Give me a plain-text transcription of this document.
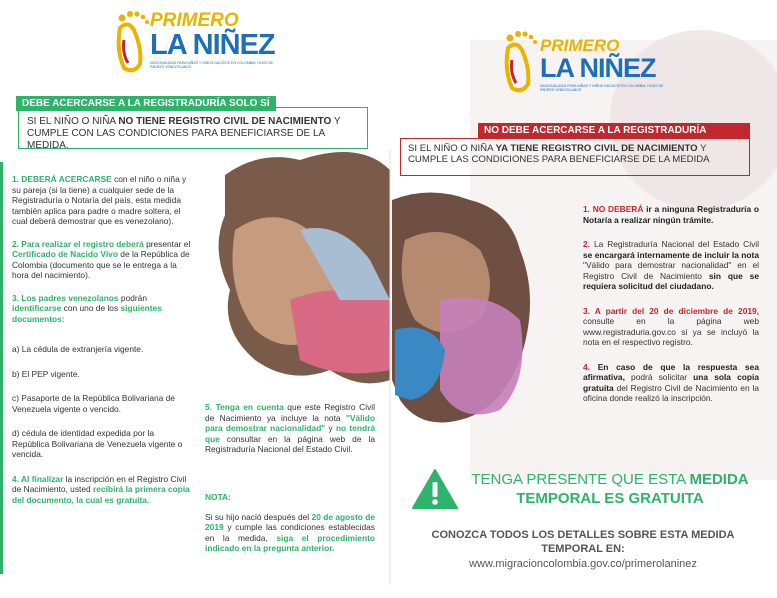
PRIMERO
LA NIÑEZ
NACIONALIDAD PARA NIÑAS Y NIÑOS NACIDOS EN COLOMBIA, HIJOS DE PADRES VENEZOLANOS
PRIMERO
LA NIÑEZ
NACIONALIDAD PARA NIÑAS Y NIÑOS NACIDOS EN COLOMBIA, HIJOS DE PADRES VENEZOLANOS
DEBE ACERCARSE A LA REGISTRADURÍA SOLO SÍ
SI EL NIÑO O NIÑA NO TIENE REGISTRO CIVIL DE NACIMIENTO Y CUMPLE CON LAS CONDICIONES PARA BENEFICIARSE DE LA MEDIDA.

1. DEBERÁ ACERCARSE con el niño o niña y su pareja (si la tiene) a cualquier sede de la Registraduría o Notaría del país, esta medida también aplica para padre o madre soltera, el cual deberá demostrar que es venezolano).

2. Para realizar el registro deberá presentar el Certificado de Nacido Vivo de la República de Colombia (documento que se le entrega a la hora del nacimiento).

3. Los padres venezolanos podrán identificarse con uno de los siguientes documentos:

a) La cédula de extranjería vigente.

b) El PEP vigente.

c) Pasaporte de la República Bolivariana de Venezuela vigente o vencido.

d) cédula de identidad expedida por la República Bolivariana de Venezuela vigente o vencida.

4. Al finalizar la inscripción en el Registro Civil de Nacimiento, usted recibirá la primera copia del documento, la cual es gratuita.

5. Tenga en cuenta que este Registro Civil de Nacimiento ya incluye la nota "Válido para demostrar nacionalidad" y no tendrá que consultar en la página web de la Registraduría Nacional del Estado Civil.

NOTA:

Si su hijo nació después del 20 de agosto de 2019 y cumple las condiciones establecidas en la medida, siga el procedimiento indicado en la pregunta anterior.

NO DEBE ACERCARSE A LA REGISTRADURÍA
SI EL NIÑO O NIÑA YA TIENE REGISTRO CIVIL DE NACIMIENTO Y CUMPLE LAS CONDICIONES PARA BENEFICIARSE DE LA MEDIDA

1. NO DEBERÁ ir a ninguna Registraduría o Notaría a realizar ningún trámite.

2. La Registraduría Nacional del Estado Civil se encargará internamente de incluir la nota "Válido para demostrar nacionalidad" en el Registro Civil de Nacimiento sin que se requiera solicitud del ciudadano.

3. A partir del 20 de diciembre de 2019, consulte en la página web www.registraduria.gov.co si ya se incluyó la nota en el respectivo registro.

4. En caso de que la respuesta sea afirmativa, podrá solicitar una sola copia gratuita del Registro Civil de Nacimiento en la oficina donde realizó la inscripción.

TENGA PRESENTE QUE ESTA MEDIDA
TEMPORAL ES GRATUITA
CONOZCA TODOS LOS DETALLES SOBRE ESTA MEDIDA TEMPORAL EN:
www.migracioncolombia.gov.co/primerolaninez
